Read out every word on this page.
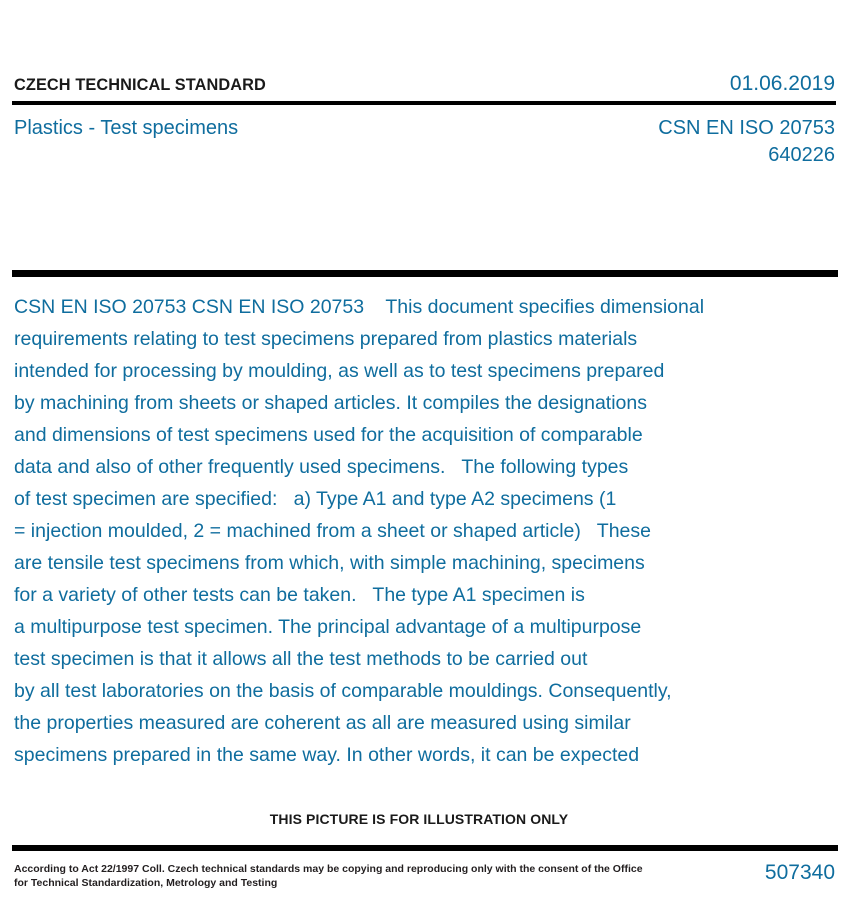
CZECH TECHNICAL STANDARD	01.06.2019
Plastics - Test specimens	CSN EN ISO 20753
640226

CSN EN ISO 20753 CSN EN ISO 20753    This document specifies dimensional

requirements relating to test specimens prepared from plastics materials

intended for processing by moulding, as well as to test specimens prepared

by machining from sheets or shaped articles. It compiles the designations

and dimensions of test specimens used for the acquisition of comparable

data and also of other frequently used specimens.   The following types

of test specimen are specified:   a) Type A1 and type A2 specimens (1

= injection moulded, 2 = machined from a sheet or shaped article)   These

are tensile test specimens from which, with simple machining, specimens

for a variety of other tests can be taken.   The type A1 specimen is

a multipurpose test specimen. The principal advantage of a multipurpose

test specimen is that it allows all the test methods to be carried out

by all test laboratories on the basis of comparable mouldings. Consequently,

the properties measured are coherent as all are measured using similar

specimens prepared in the same way. In other words, it can be expected

THIS PICTURE IS FOR ILLUSTRATION ONLY
According to Act 22/1997 Coll. Czech technical standards may be copying and reproducing only with the consent of the Office
for Technical Standardization, Metrology and Testing	507340
